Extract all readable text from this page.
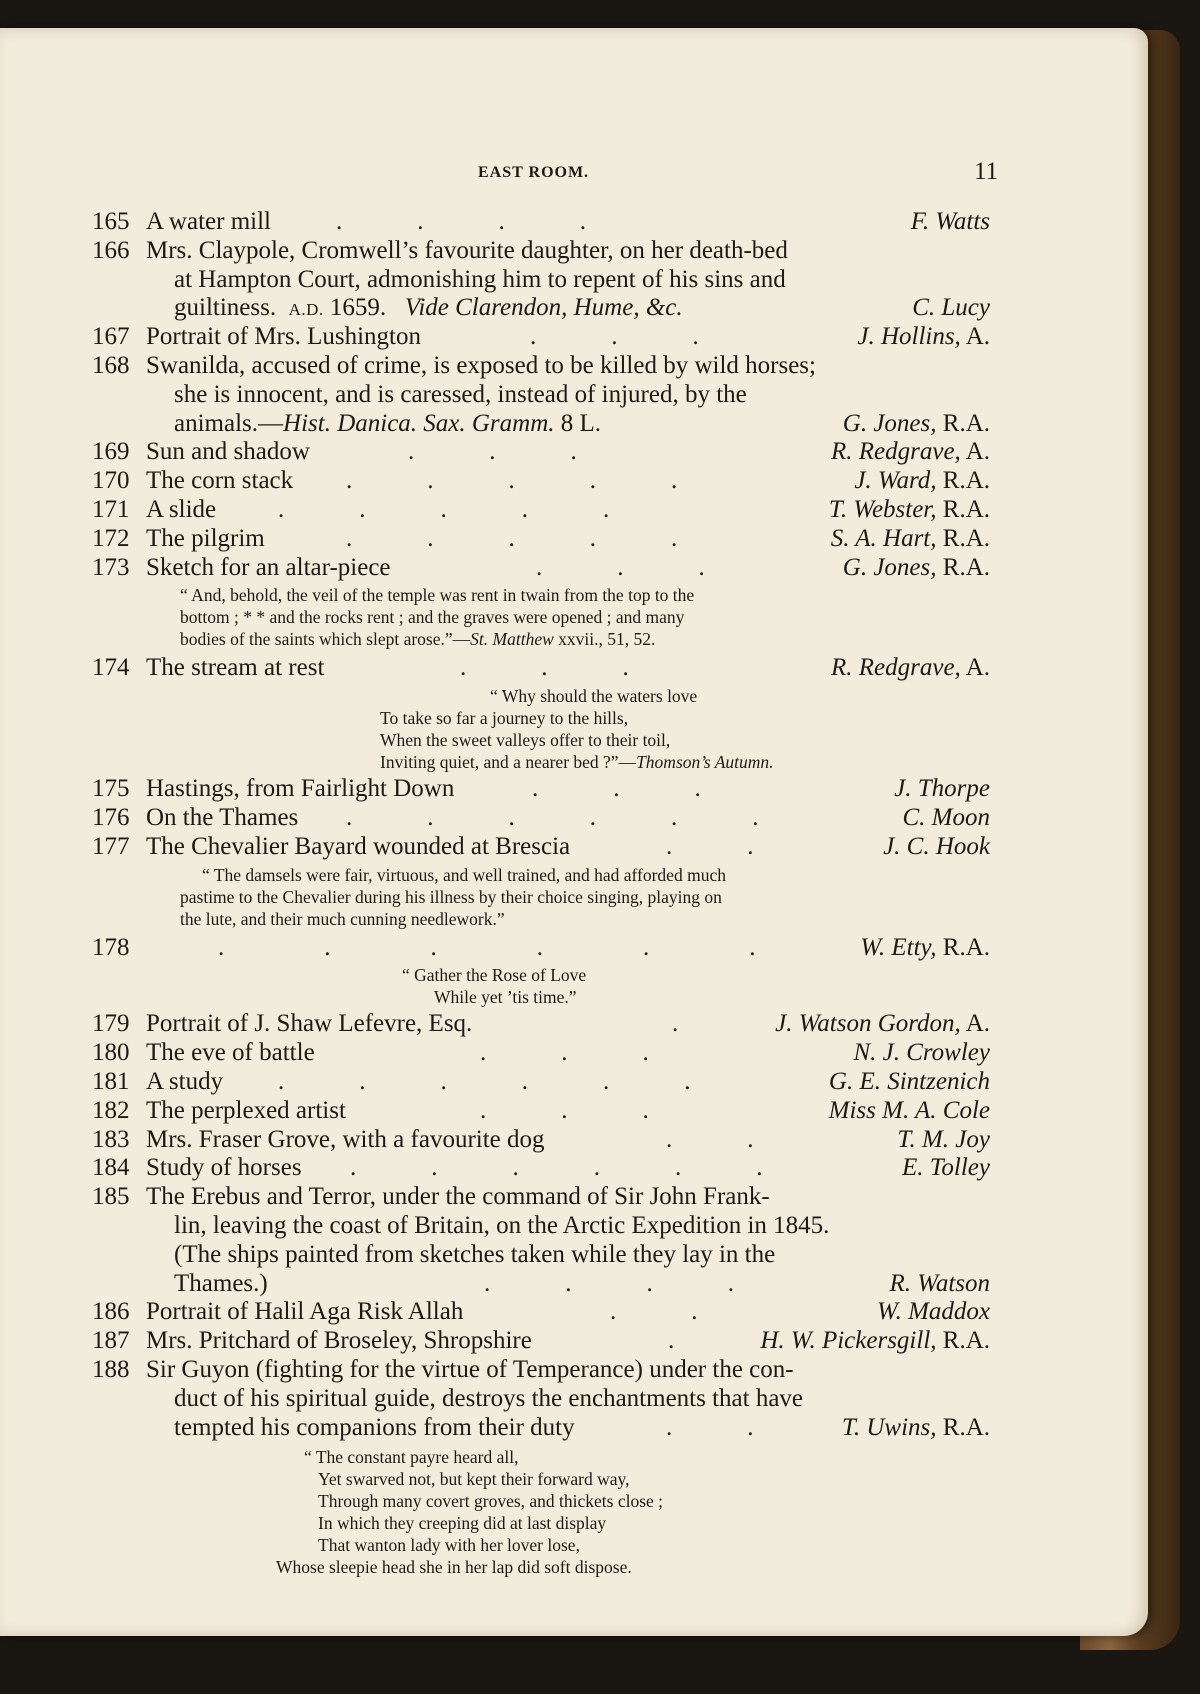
EAST ROOM.	11
165 A water mill	.            .            .            .	F. Watts
166 Mrs. Claypole, Cromwell’s favourite daughter, on her death-bed
at Hampton Court, admonishing him to repent of his sins and
guiltiness. A.D. 1659. Vide Clarendon, Hume, &c.	C. Lucy
167 Portrait of Mrs. Lushington	.            .            .	J. Hollins, A.
168 Swanilda, accused of crime, is exposed to be killed by wild horses;
she is innocent, and is caressed, instead of injured, by the
animals.—Hist. Danica. Sax. Gramm. 8 L.	G. Jones, R.A.
169 Sun and shadow	.            .            .	R. Redgrave, A.
170 The corn stack .            .            .            .            .	J. Ward, R.A.
171 A slide .            .            .            .            .	T. Webster, R.A.
172 The pilgrim	.            .            .            .            .	S. A. Hart, R.A.
173 Sketch for an altar-piece	.            .            .	G. Jones, R.A.
“ And, behold, the veil of the temple was rent in twain from the top to the
bottom ; * * and the rocks rent ; and the graves were opened ; and many
bodies of the saints which slept arose.”—St. Matthew xxvii., 51, 52.
174 The stream at rest	.            .            .	R. Redgrave, A.
“ Why should the waters love
To take so far a journey to the hills,
When the sweet valleys offer to their toil,
Inviting quiet, and a nearer bed ?”—Thomson’s Autumn.
175 Hastings, from Fairlight Down	.            .            .	J. Thorpe
176 On the Thames .            .            .            .            .            .	C. Moon
177 The Chevalier Bayard wounded at Brescia	.            .	J. C. Hook
“ The damsels were fair, virtuous, and well trained, and had afforded much
pastime to the Chevalier during his illness by their choice singing, playing on
the lute, and their much cunning needlework.”
178	.                .                .                .                .                .	W. Etty, R.A.
“ Gather the Rose of Love
While yet ’tis time.”
179 Portrait of J. Shaw Lefevre, Esq.	.	J. Watson Gordon, A.
180 The eve of battle	.            .            .	N. J. Crowley
181 A study .            .            .            .            .            .	G. E. Sintzenich
182 The perplexed artist	.            .            .	Miss M. A. Cole
183 Mrs. Fraser Grove, with a favourite dog	.            .	T. M. Joy
184 Study of horses .            .            .            .            .            .	E. Tolley
185 The Erebus and Terror, under the command of Sir John Frank-
lin, leaving the coast of Britain, on the Arctic Expedition in 1845.
(The ships painted from sketches taken while they lay in the
Thames.)	.            .            .            .	R. Watson
186 Portrait of Halil Aga Risk Allah	.            .	W. Maddox
187 Mrs. Pritchard of Broseley, Shropshire	.	H. W. Pickersgill, R.A.
188 Sir Guyon (fighting for the virtue of Temperance) under the con-
duct of his spiritual guide, destroys the enchantments that have
tempted his companions from their duty	.            .	T. Uwins, R.A.
“ The constant payre heard all,
Yet swarved not, but kept their forward way,
Through many covert groves, and thickets close ;
In which they creeping did at last display
That wanton lady with her lover lose,
Whose sleepie head she in her lap did soft dispose.
